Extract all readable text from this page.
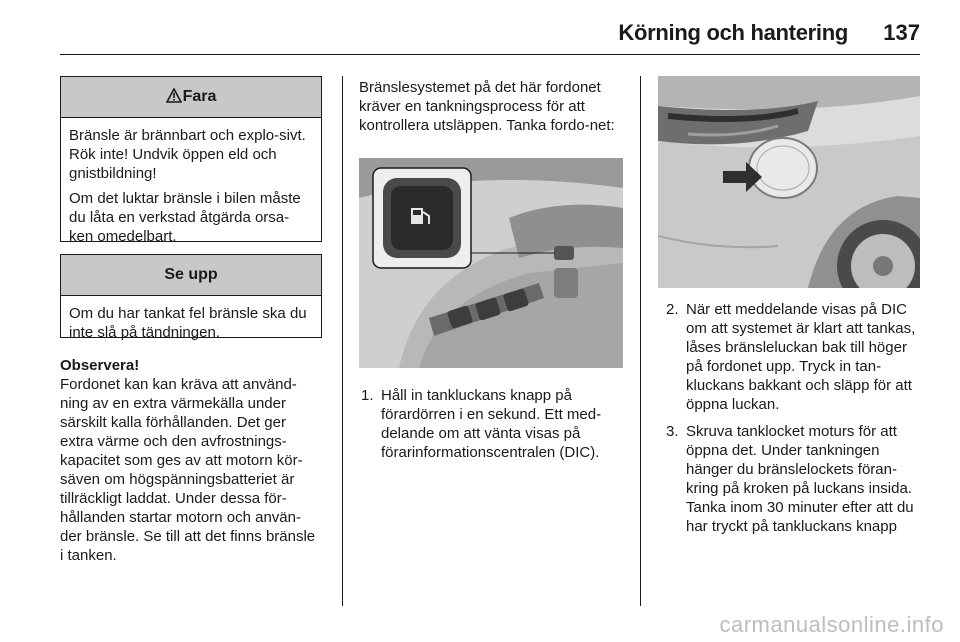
Körning och hantering 137
Fara

Bränsle är brännbart och explo-sivt. Rök inte! Undvik öppen eld och gnistbildning!

Om det luktar bränsle i bilen måste du låta en verkstad åtgärda orsa-ken omedelbart.

Se upp

Om du har tankat fel bränsle ska du inte slå på tändningen.

Observera!

Fordonet kan kan kräva att använd-ning av en extra värmekälla under särskilt kalla förhållanden. Det ger extra värme och den avfrostnings-kapacitet som ges av att motorn kör-säven om högspänningsbatteriet är tillräckligt laddat. Under dessa för-hållanden startar motorn och använ-der bränsle. Se till att det finns bränsle i tanken.

Bränslesystemet på det här fordonet kräver en tankningsprocess för att kontrollera utsläppen. Tanka fordo-net:

1. Håll in tankluckans knapp på förardörren i en sekund. Ett med-delande om att vänta visas på förarinformationscentralen (DIC).
2. När ett meddelande visas på DIC om att systemet är klart att tankas, låses bränsleluckan bak till höger på fordonet upp. Tryck in tan-kluckans bakkant och släpp för att öppna luckan.
3. Skruva tanklocket moturs för att öppna det. Under tankningen hänger du bränslelockets föran-kring på kroken på luckans insida. Tanka inom 30 minuter efter att du har tryckt på tankluckans knapp
carmanualsonline.info
